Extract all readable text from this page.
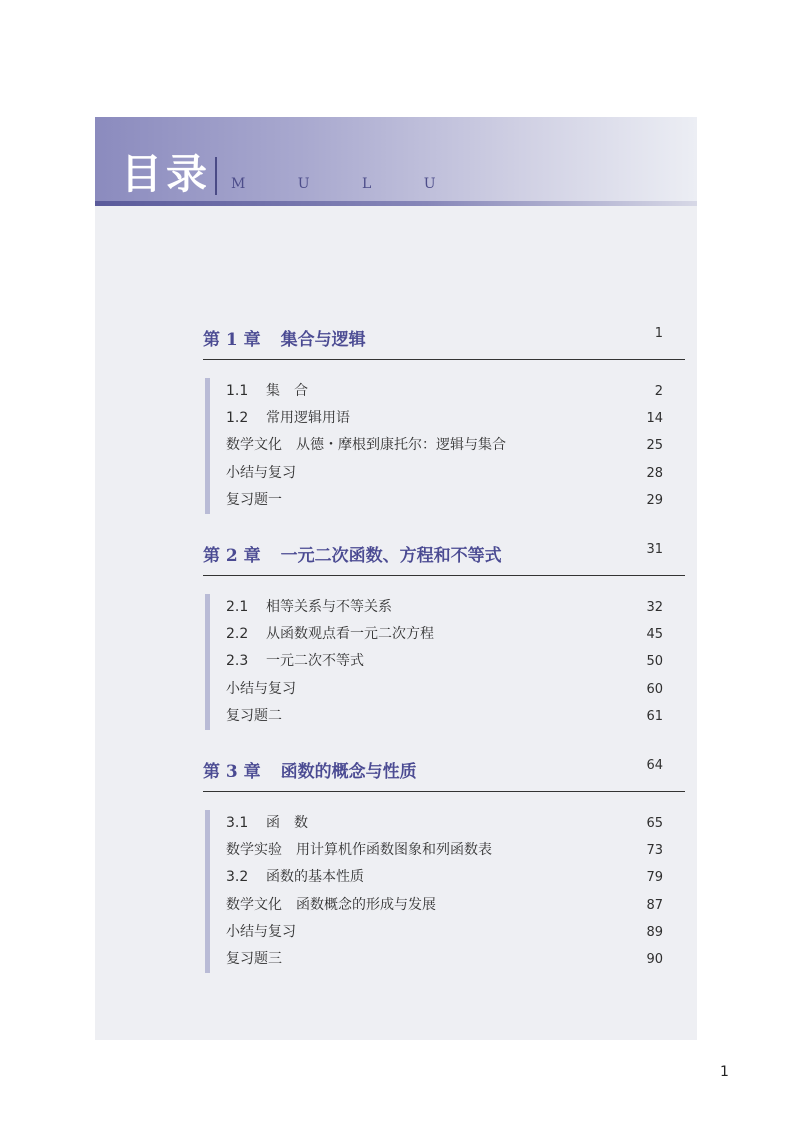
目录 M U L U
第 1 章 集合与逻辑	1
1.1 集　合	2
1.2 常用逻辑用语	14
数学文化　从德・摩根到康托尔：逻辑与集合	25
小结与复习	28
复习题一	29
第 2 章 一元二次函数、方程和不等式	31
2.1 相等关系与不等关系	32
2.2 从函数观点看一元二次方程	45
2.3 一元二次不等式	50
小结与复习	60
复习题二	61
第 3 章 函数的概念与性质	64
3.1 函　数	65
数学实验　用计算机作函数图象和列函数表	73
3.2 函数的基本性质	79
数学文化　函数概念的形成与发展	87
小结与复习	89
复习题三	90
1
